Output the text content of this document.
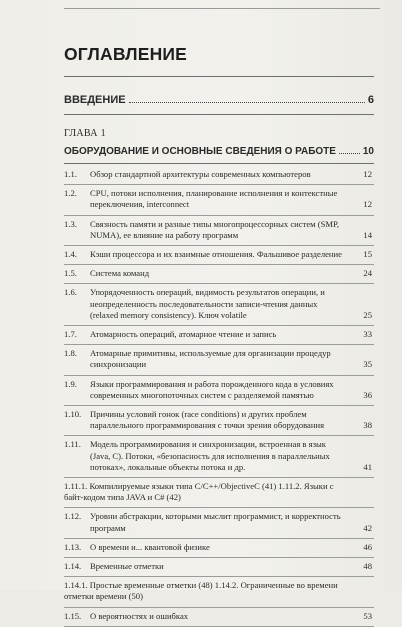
ОГЛАВЛЕНИЕ
ВВЕДЕНИЕ	6
ГЛАВА 1
ОБОРУДОВАНИЕ И ОСНОВНЫЕ СВЕДЕНИЯ О РАБОТЕ	10
1.1.	Обзор стандартной архитектуры современных компьютеров	12
1.2.	CPU, потоки исполнения, планирование исполнения и контекстные переключения, interconnect	12
1.3.	Связность памяти и разные типы многопроцессорных систем (SMP, NUMA), ее влияние на работу программ	14
1.4.	Кэши процессора и их взаимные отношения. Фальшивое разделение	15
1.5.	Система команд	24
1.6.	Упорядоченность операций, видимость результатов операции, и неопределенность последовательности записи-чтения данных (relaxed memory consistency). Ключ volatile	25
1.7.	Атомарность операций, атомарное чтение и запись	33
1.8.	Атомарные примитивы, используемые для организации процедур синхронизации	35
1.9.	Языки программирования и работа порожденного кода в условиях современных многопоточных систем с разделяемой памятью	36
1.10.	Причины условий гонок (race conditions) и других проблем параллельного программирования с точки зрения оборудования	38
1.11.	Модель программирования и синхронизации, встроенная в язык (Java, C). Потоки, «безопасность для исполнения в параллельных потоках», локальные объекты потока и др.	41
1.11.1. Компилируемые языки типа C/C++/ObjectiveC (41) 1.11.2. Языки с байт-кодом типа JAVA и C# (42)
1.12.	Уровни абстракции, которыми мыслит программист, и корректность программ	42
1.13.	О времени и... квантовой физике	46
1.14.	Временные отметки	48
1.14.1. Простые временные отметки (48) 1.14.2. Ограниченные во времени отметки времени (50)
1.15.	О вероятностях и ошибках	53
